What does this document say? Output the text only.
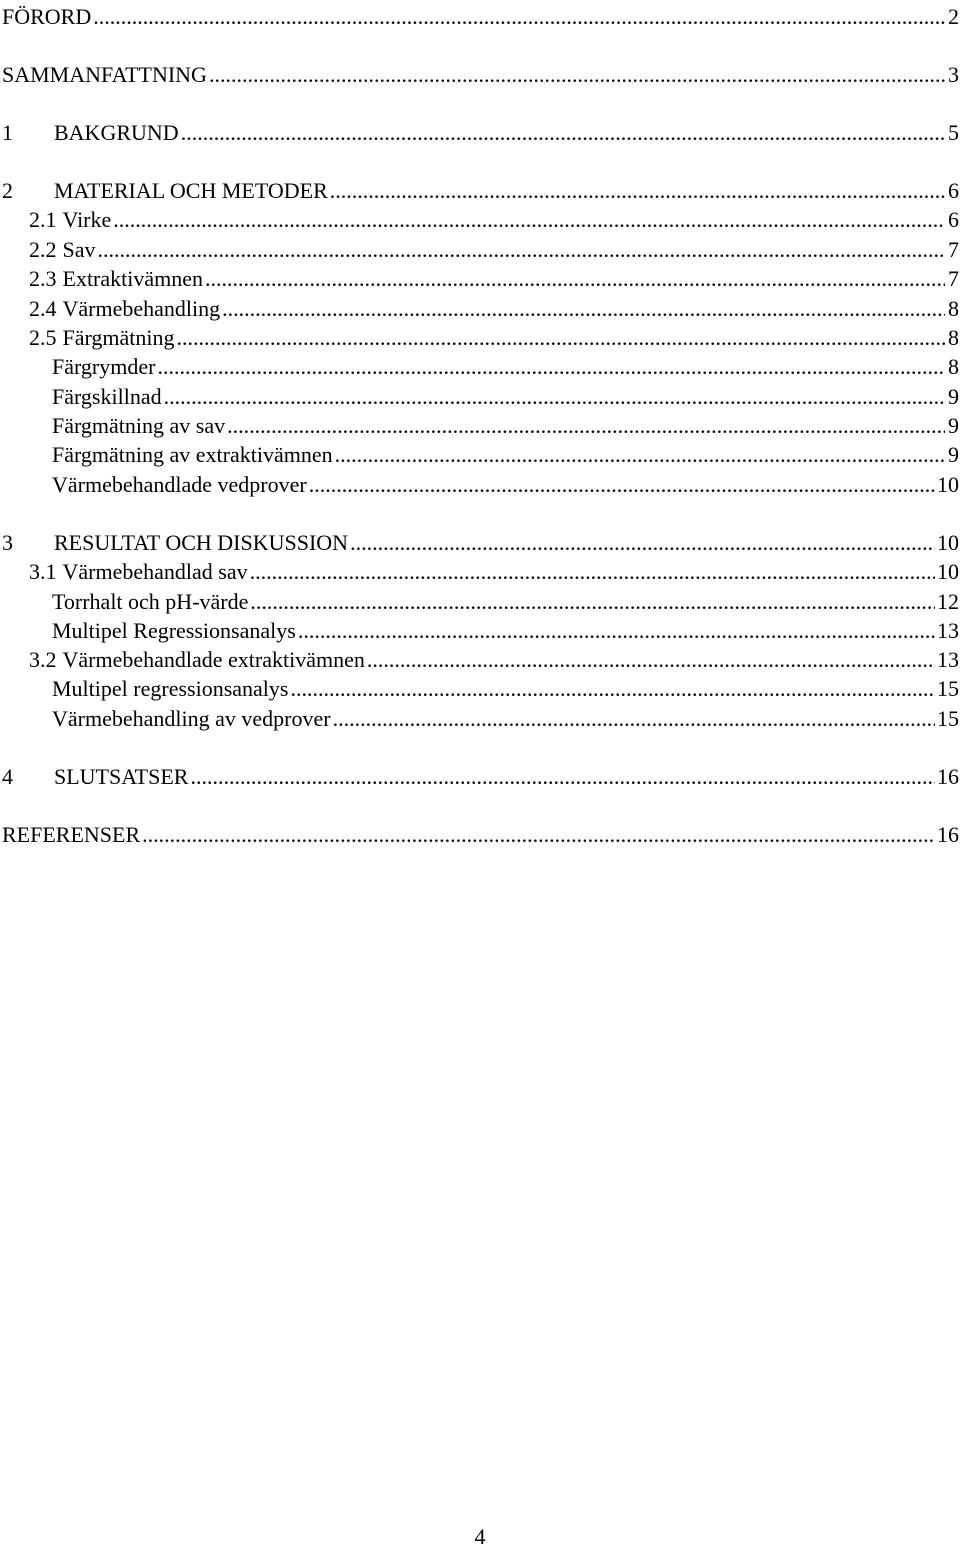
FÖRORD .....	2
SAMMANFATTNING .....	3
1	BAKGRUND .....	5
2	MATERIAL OCH METODER .....	6
2.1 Virke .....	6
2.2 Sav .....	7
2.3 Extraktivämnen .....	7
2.4 Värmebehandling .....	8
2.5 Färgmätning .....	8
Färgrymder .....	8
Färgskillnad .....	9
Färgmätning av sav .....	9
Färgmätning av extraktivämnen .....	9
Värmebehandlade vedprover .....	10
3	RESULTAT OCH DISKUSSION .....	10
3.1 Värmebehandlad sav .....	10
Torrhalt och pH-värde .....	12
Multipel Regressionsanalys .....	13
3.2 Värmebehandlade extraktivämnen .....	13
Multipel regressionsanalys .....	15
Värmebehandling av vedprover .....	15
4	SLUTSATSER .....	16
REFERENSER .....	16
4
